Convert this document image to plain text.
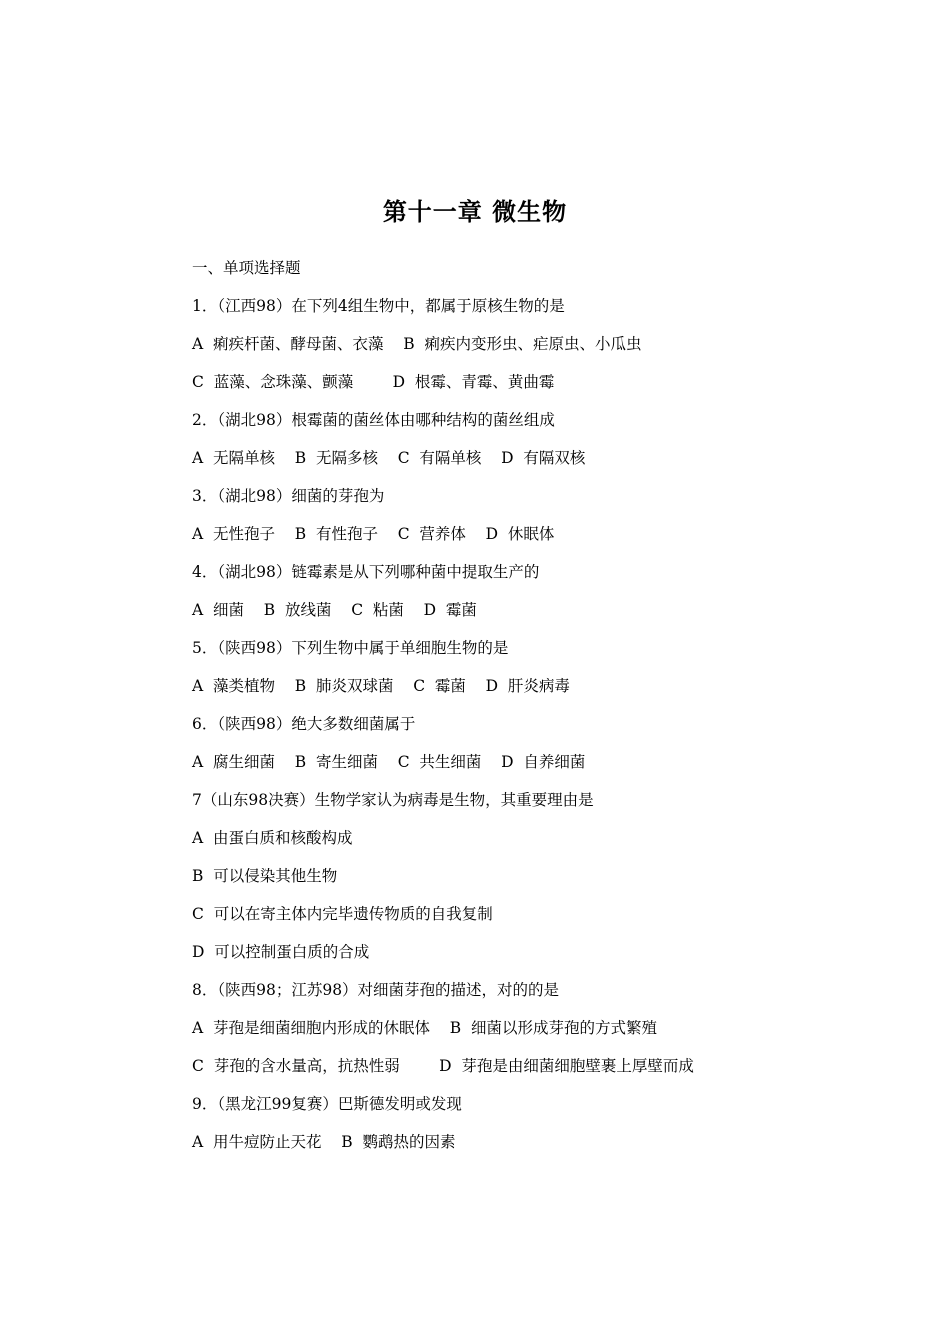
第十一章 微生物
一、单项选择题
1．（江西98）在下列4组生物中，都属于原核生物的是
A  痢疾杆菌、酵母菌、衣藻    B  痢疾内变形虫、疟原虫、小瓜虫
C  蓝藻、念珠藻、颤藻        D  根霉、青霉、黄曲霉
2．（湖北98）根霉菌的菌丝体由哪种结构的菌丝组成
A  无隔单核    B  无隔多核    C  有隔单核    D  有隔双核
3．（湖北98）细菌的芽孢为
A  无性孢子    B  有性孢子    C  营养体    D  休眠体
4．（湖北98）链霉素是从下列哪种菌中提取生产的
A  细菌    B  放线菌    C  粘菌    D  霉菌
5．（陕西98）下列生物中属于单细胞生物的是
A  藻类植物    B  肺炎双球菌    C  霉菌    D  肝炎病毒
6．（陕西98）绝大多数细菌属于
A  腐生细菌    B  寄生细菌    C  共生细菌    D  自养细菌
7（山东98决赛）生物学家认为病毒是生物，其重要理由是
A  由蛋白质和核酸构成
B  可以侵染其他生物
C  可以在寄主体内完毕遗传物质的自我复制
D  可以控制蛋白质的合成
8．（陕西98；江苏98）对细菌芽孢的描述，对的的是
A  芽孢是细菌细胞内形成的休眠体    B  细菌以形成芽孢的方式繁殖
C  芽孢的含水量高，抗热性弱        D  芽孢是由细菌细胞壁裹上厚壁而成
9．（黑龙江99复赛）巴斯德发明或发现
A  用牛痘防止天花    B  鹦鹉热的因素
